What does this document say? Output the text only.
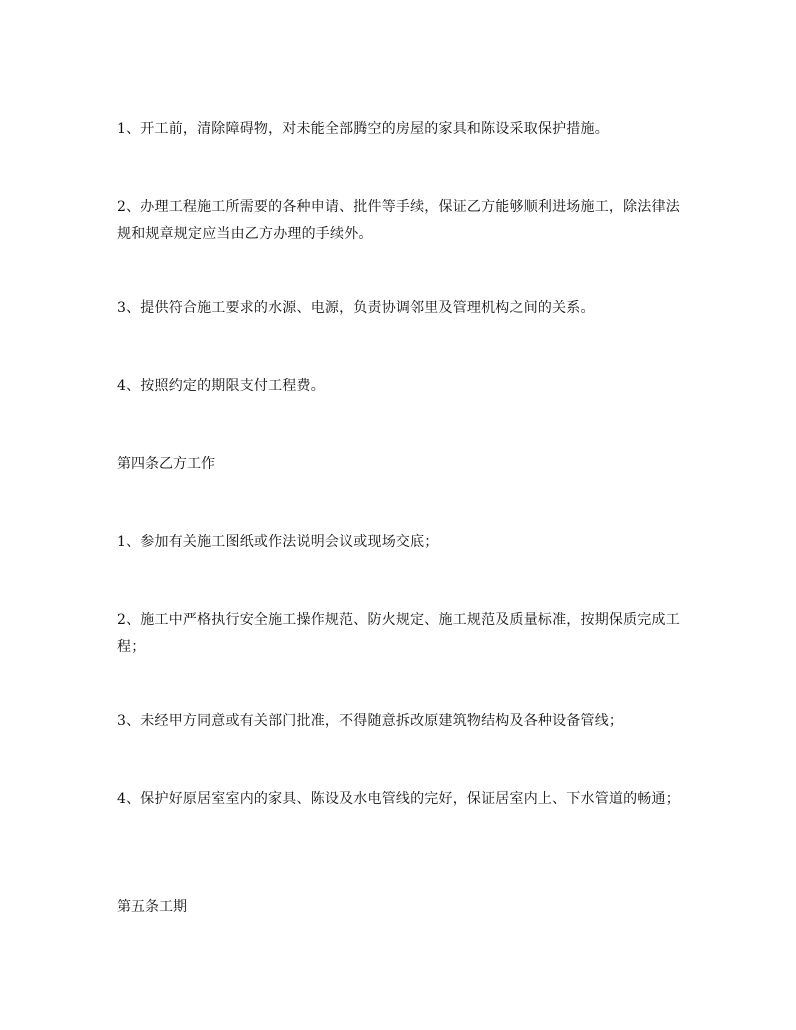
1、开工前，清除障碍物，对未能全部腾空的房屋的家具和陈设采取保护措施。

2、办理工程施工所需要的各种申请、批件等手续，保证乙方能够顺利进场施工，除法律法规和规章规定应当由乙方办理的手续外。

3、提供符合施工要求的水源、电源，负责协调邻里及管理机构之间的关系。

4、按照约定的期限支付工程费。

第四条乙方工作

1、参加有关施工图纸或作法说明会议或现场交底；

2、施工中严格执行安全施工操作规范、防火规定、施工规范及质量标准，按期保质完成工程；

3、未经甲方同意或有关部门批准，不得随意拆改原建筑物结构及各种设备管线；

4、保护好原居室室内的家具、陈设及水电管线的完好，保证居室内上、下水管道的畅通；

第五条工期
